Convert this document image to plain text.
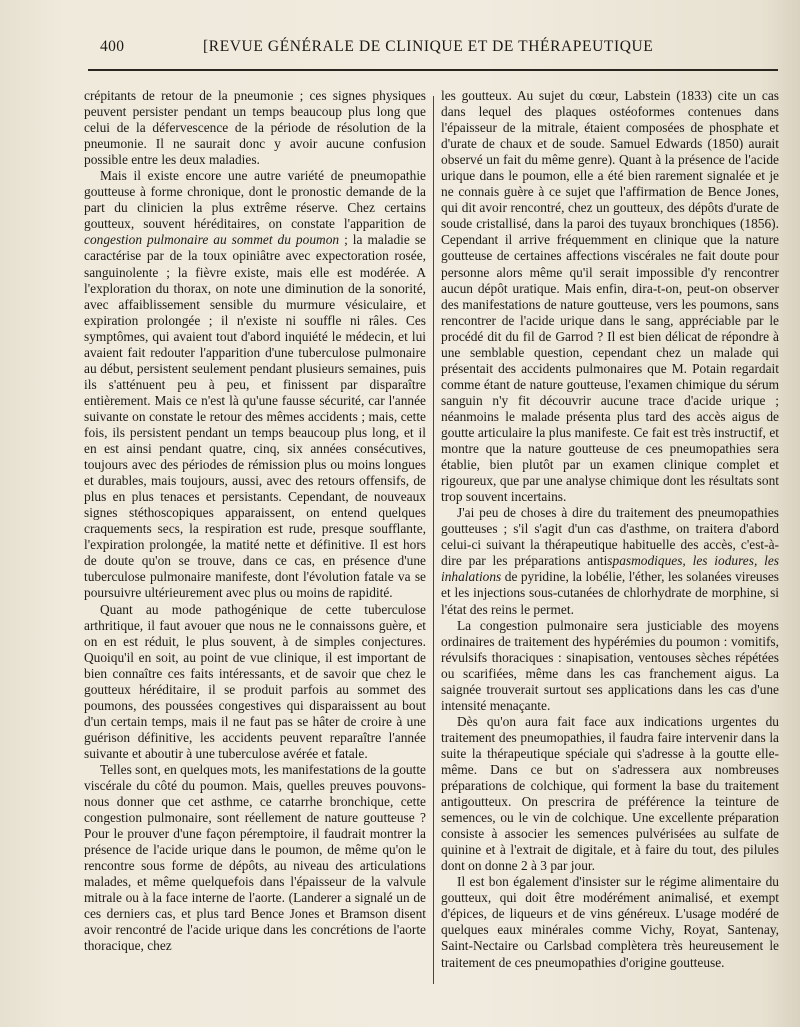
400	[REVUE GÉNÉRALE DE CLINIQUE ET DE THÉRAPEUTIQUE

crépitants de retour de la pneumonie ; ces signes physiques peuvent persister pendant un temps beaucoup plus long que celui de la défervescence de la période de résolution de la pneumonie. Il ne saurait donc y avoir aucune confusion possible entre les deux maladies.

Mais il existe encore une autre variété de pneumopathie goutteuse à forme chronique, dont le pronostic demande de la part du clinicien la plus extrême réserve. Chez certains goutteux, souvent héréditaires, on constate l'apparition de congestion pulmonaire au sommet du poumon ; la maladie se caractérise par de la toux opiniâtre avec expectoration rosée, sanguinolente ; la fièvre existe, mais elle est modérée. A l'exploration du thorax, on note une diminution de la sonorité, avec affaiblissement sensible du murmure vésiculaire, et expiration prolongée ; il n'existe ni souffle ni râles. Ces symptômes, qui avaient tout d'abord inquiété le médecin, et lui avaient fait redouter l'apparition d'une tuberculose pulmonaire au début, persistent seulement pendant plusieurs semaines, puis ils s'atténuent peu à peu, et finissent par disparaître entièrement. Mais ce n'est là qu'une fausse sécurité, car l'année suivante on constate le retour des mêmes accidents ; mais, cette fois, ils persistent pendant un temps beaucoup plus long, et il en est ainsi pendant quatre, cinq, six années consécutives, toujours avec des périodes de rémission plus ou moins longues et durables, mais toujours, aussi, avec des retours offensifs, de plus en plus tenaces et persistants. Cependant, de nouveaux signes stéthoscopiques apparaissent, on entend quelques craquements secs, la respiration est rude, presque soufflante, l'expiration prolongée, la matité nette et définitive. Il est hors de doute qu'on se trouve, dans ce cas, en présence d'une tuberculose pulmonaire manifeste, dont l'évolution fatale va se poursuivre ultérieurement avec plus ou moins de rapidité.

Quant au mode pathogénique de cette tuberculose arthritique, il faut avouer que nous ne le connaissons guère, et on en est réduit, le plus souvent, à de simples conjectures. Quoiqu'il en soit, au point de vue clinique, il est important de bien connaître ces faits intéressants, et de savoir que chez le goutteux héréditaire, il se produit parfois au sommet des poumons, des poussées congestives qui disparaissent au bout d'un certain temps, mais il ne faut pas se hâter de croire à une guérison définitive, les accidents peuvent reparaître l'année suivante et aboutir à une tuberculose avérée et fatale.

Telles sont, en quelques mots, les manifestations de la goutte viscérale du côté du poumon. Mais, quelles preuves pouvons-nous donner que cet asthme, ce catarrhe bronchique, cette congestion pulmonaire, sont réellement de nature goutteuse ? Pour le prouver d'une façon péremptoire, il faudrait montrer la présence de l'acide urique dans le poumon, de même qu'on le rencontre sous forme de dépôts, au niveau des articulations malades, et même quelquefois dans l'épaisseur de la valvule mitrale ou à la face interne de l'aorte. (Landerer a signalé un de ces derniers cas, et plus tard Bence Jones et Bramson disent avoir rencontré de l'acide urique dans les concrétions de l'aorte thoracique, chez

les goutteux. Au sujet du cœur, Labstein (1833) cite un cas dans lequel des plaques ostéoformes contenues dans l'épaisseur de la mitrale, étaient composées de phosphate et d'urate de chaux et de soude. Samuel Edwards (1850) aurait observé un fait du même genre). Quant à la présence de l'acide urique dans le poumon, elle a été bien rarement signalée et je ne connais guère à ce sujet que l'affirmation de Bence Jones, qui dit avoir rencontré, chez un goutteux, des dépôts d'urate de soude cristallisé, dans la paroi des tuyaux bronchiques (1856). Cependant il arrive fréquemment en clinique que la nature goutteuse de certaines affections viscérales ne fait doute pour personne alors même qu'il serait impossible d'y rencontrer aucun dépôt uratique. Mais enfin, dira-t-on, peut-on observer des manifestations de nature goutteuse, vers les poumons, sans rencontrer de l'acide urique dans le sang, appréciable par le procédé dit du fil de Garrod ? Il est bien délicat de répondre à une semblable question, cependant chez un malade qui présentait des accidents pulmonaires que M. Potain regardait comme étant de nature goutteuse, l'examen chimique du sérum sanguin n'y fit découvrir aucune trace d'acide urique ; néanmoins le malade présenta plus tard des accès aigus de goutte articulaire la plus manifeste. Ce fait est très instructif, et montre que la nature goutteuse de ces pneumopathies sera établie, bien plutôt par un examen clinique complet et rigoureux, que par une analyse chimique dont les résultats sont trop souvent incertains.

J'ai peu de choses à dire du traitement des pneumopathies goutteuses ; s'il s'agit d'un cas d'asthme, on traitera d'abord celui-ci suivant la thérapeutique habituelle des accès, c'est-à-dire par les préparations antispasmodiques, les iodures, les inhalations de pyridine, la lobélie, l'éther, les solanées vireuses et les injections sous-cutanées de chlorhydrate de morphine, si l'état des reins le permet.

La congestion pulmonaire sera justiciable des moyens ordinaires de traitement des hypérémies du poumon : vomitifs, révulsifs thoraciques : sinapisation, ventouses sèches répétées ou scarifiées, même dans les cas franchement aigus. La saignée trouverait surtout ses applications dans les cas d'une intensité menaçante.

Dès qu'on aura fait face aux indications urgentes du traitement des pneumopathies, il faudra faire intervenir dans la suite la thérapeutique spéciale qui s'adresse à la goutte elle-même. Dans ce but on s'adressera aux nombreuses préparations de colchique, qui forment la base du traitement antigoutteux. On prescrira de préférence la teinture de semences, ou le vin de colchique. Une excellente préparation consiste à associer les semences pulvérisées au sulfate de quinine et à l'extrait de digitale, et à faire du tout, des pilules dont on donne 2 à 3 par jour.

Il est bon également d'insister sur le régime alimentaire du goutteux, qui doit être modérément animalisé, et exempt d'épices, de liqueurs et de vins généreux. L'usage modéré de quelques eaux minérales comme Vichy, Royat, Santenay, Saint-Nectaire ou Carlsbad complètera très heureusement le traitement de ces pneumopathies d'origine goutteuse.
